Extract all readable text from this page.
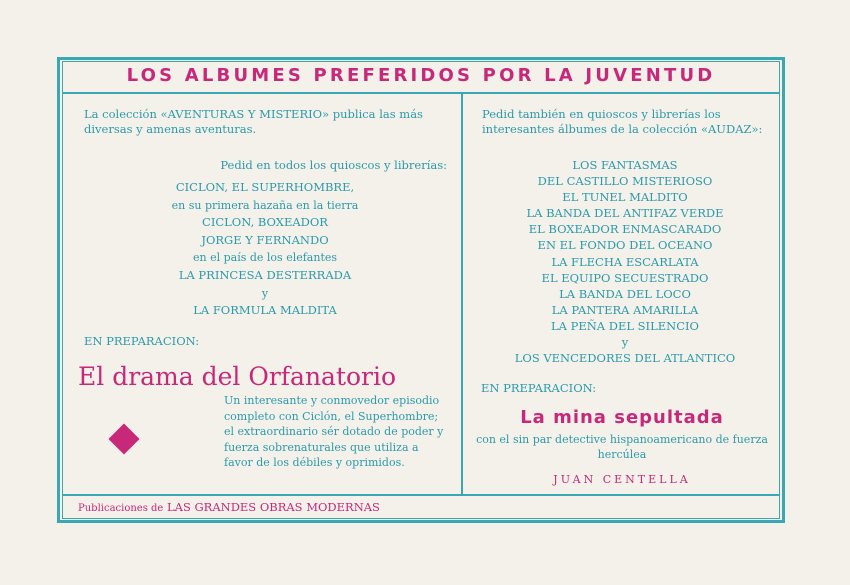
LOS ALBUMES PREFERIDOS POR LA JUVENTUD
La colección «AVENTURAS Y MISTERIO» publica las más diversas y amenas aventuras.
Pedid en todos los quioscos y librerías:
CICLON, EL SUPERHOMBRE,
en su primera hazaña en la tierra
CICLON, BOXEADOR
JORGE Y FERNANDO
en el país de los elefantes
LA PRINCESA DESTERRADA
y
LA FORMULA MALDITA
EN PREPARACION:
El drama del Orfanatorio
Un interesante y conmovedor episodio completo con Ciclón, el Superhombre; el extraordinario sér dotado de poder y fuerza sobrenaturales que utiliza a favor de los débiles y oprimidos.
Pedid también en quioscos y librerías los interesantes álbumes de la colección «AUDAZ»:
LOS FANTASMAS
DEL CASTILLO MISTERIOSO
EL TUNEL MALDITO
LA BANDA DEL ANTIFAZ VERDE
EL BOXEADOR ENMASCARADO
EN EL FONDO DEL OCEANO
LA FLECHA ESCARLATA
EL EQUIPO SECUESTRADO
LA BANDA DEL LOCO
LA PANTERA AMARILLA
LA PEÑA DEL SILENCIO
y
LOS VENCEDORES DEL ATLANTICO
EN PREPARACION:
La mina sepultada
con el sin par detective hispanoamericano de fuerza hercúlea
JUAN CENTELLA
Publicaciones de LAS GRANDES OBRAS MODERNAS
